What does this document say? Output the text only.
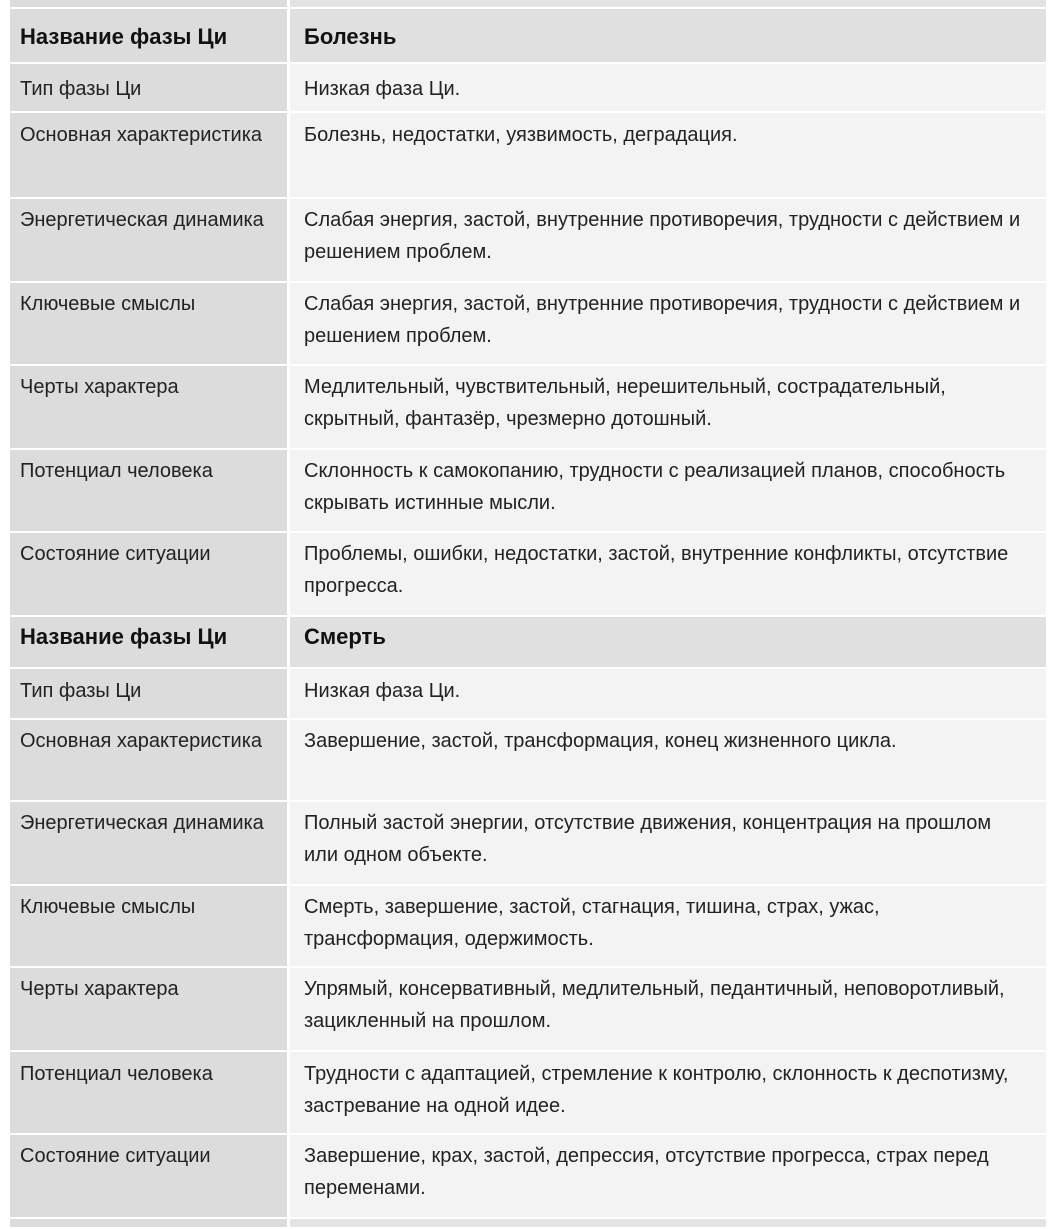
Название фазы Ци	Болезнь
Тип фазы Ци	Низкая фаза Ци.
Основная характеристика	Болезнь, недостатки, уязвимость, деградация.
Энергетическая динамика	Слабая энергия, застой, внутренние противоречия, трудности с действием и решением проблем.
Ключевые смыслы	Слабая энергия, застой, внутренние противоречия, трудности с действием и решением проблем.
Черты характера	Медлительный, чувствительный, нерешительный, сострадательный, скрытный, фантазёр, чрезмерно дотошный.
Потенциал человека	Склонность к самокопанию, трудности с реализацией планов, способность скрывать истинные мысли.
Состояние ситуации	Проблемы, ошибки, недостатки, застой, внутренние конфликты, отсутствие прогресса.
Название фазы Ци	Смерть
Тип фазы Ци	Низкая фаза Ци.
Основная характеристика	Завершение, застой, трансформация, конец жизненного цикла.
Энергетическая динамика	Полный застой энергии, отсутствие движения, концентрация на прошлом или одном объекте.
Ключевые смыслы	Смерть, завершение, застой, стагнация, тишина, страх, ужас, трансформация, одержимость.
Черты характера	Упрямый, консервативный, медлительный, педантичный, неповоротливый, зацикленный на прошлом.
Потенциал человека	Трудности с адаптацией, стремление к контролю, склонность к деспотизму, застревание на одной идее.
Состояние ситуации	Завершение, крах, застой, депрессия, отсутствие прогресса, страх перед переменами.
